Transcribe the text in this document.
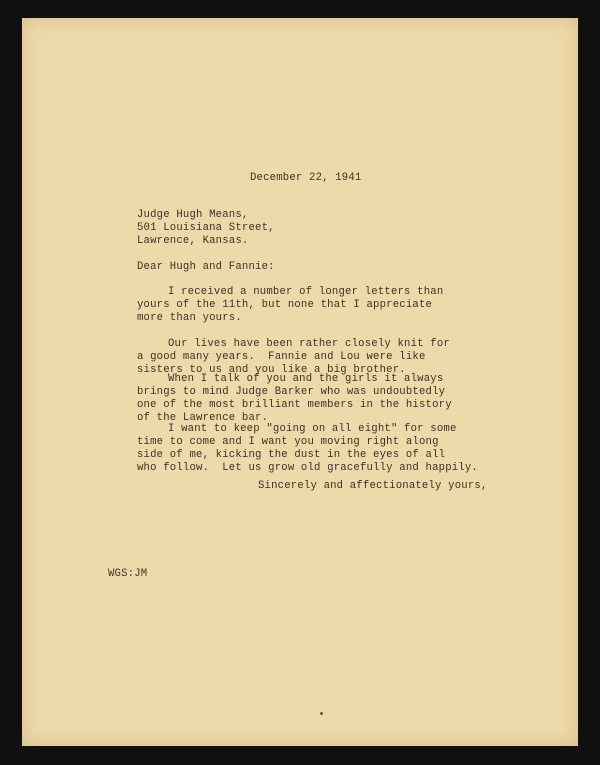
December 22, 1941
Judge Hugh Means,
501 Louisiana Street,
Lawrence, Kansas.
Dear Hugh and Fannie:
I received a number of longer letters than
yours of the 11th, but none that I appreciate
more than yours.
Our lives have been rather closely knit for
a good many years.  Fannie and Lou were like
sisters to us and you like a big brother.
When I talk of you and the girls it always
brings to mind Judge Barker who was undoubtedly
one of the most brilliant members in the history
of the Lawrence bar.
I want to keep "going on all eight" for some
time to come and I want you moving right along
side of me, kicking the dust in the eyes of all
who follow.  Let us grow old gracefully and happily.
Sincerely and affectionately yours,
WGS:JM
